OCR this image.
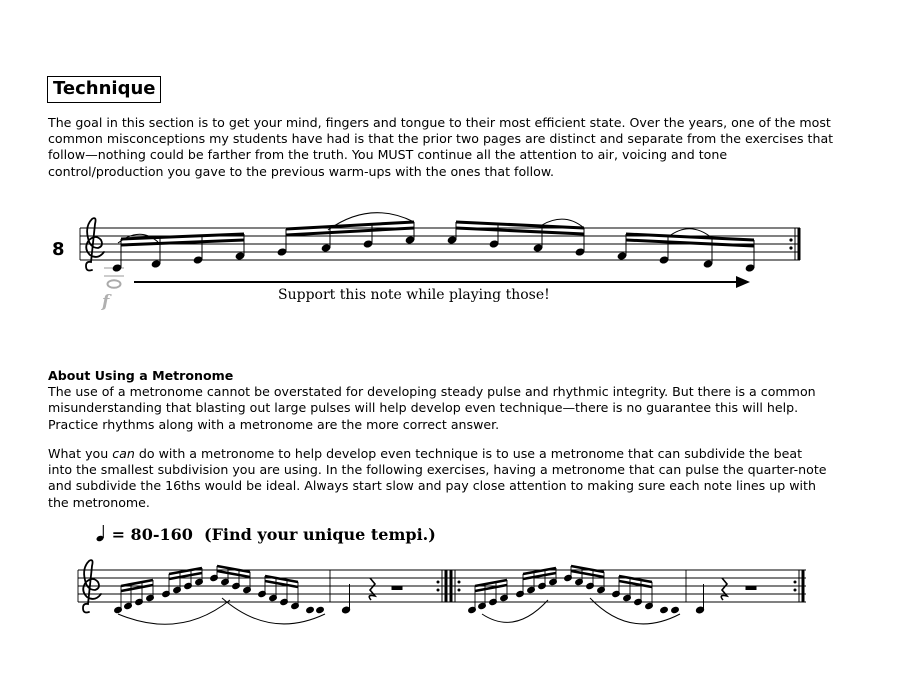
Technique
The goal in this section is to get your mind, fingers and tongue to their most efficient state. Over the years, one of the most
common misconceptions my students have had is that the prior two pages are distinct and separate from the exercises that
follow—nothing could be farther from the truth. You MUST continue all the attention to air, voicing and tone
control/production you gave to the previous warm-ups with the ones that follow.
8
f	Support this note while playing those!
About Using a Metronome
The use of a metronome cannot be overstated for developing steady pulse and rhythmic integrity. But there is a common
misunderstanding that blasting out large pulses will help develop even technique—there is no guarantee this will help.
Practice rhythms along with a metronome are the more correct answer.
What you can do with a metronome to help develop even technique is to use a metronome that can subdivide the beat
into the smallest subdivision you are using. In the following exercises, having a metronome that can pulse the quarter-note
and subdivide the 16ths would be ideal. Always start slow and pay close attention to making sure each note lines up with
the metronome.
= 80-160 (Find your unique tempi.)
